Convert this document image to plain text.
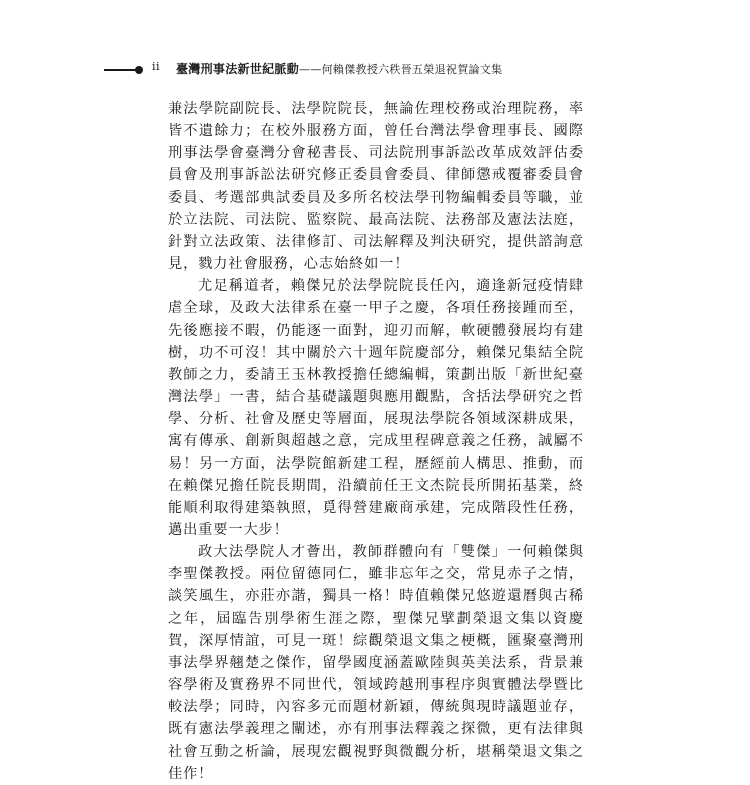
ii 臺灣刑事法新世紀脈動——何賴傑教授六秩晉五榮退祝賀論文集

兼法學院副院長、法學院院長，無論佐理校務或治理院務，率皆不遺餘力；在校外服務方面，曾任台灣法學會理事長、國際刑事法學會臺灣分會秘書長、司法院刑事訴訟改革成效評估委員會及刑事訴訟法研究修正委員會委員、律師懲戒覆審委員會委員、考選部典試委員及多所名校法學刊物編輯委員等職，並於立法院、司法院、監察院、最高法院、法務部及憲法法庭，針對立法政策、法律修訂、司法解釋及判決研究，提供諮詢意見，戮力社會服務，心志始終如一！

尤足稱道者，賴傑兄於法學院院長任內，適逢新冠疫情肆虐全球，及政大法律系在臺一甲子之慶，各項任務接踵而至，先後應接不暇，仍能逐一面對，迎刃而解，軟硬體發展均有建樹，功不可沒！其中關於六十週年院慶部分，賴傑兄集結全院教師之力，委請王玉林教授擔任總編輯，策劃出版「新世紀臺灣法學」一書，結合基礎議題與應用觀點，含括法學研究之哲學、分析、社會及歷史等層面，展現法學院各領域深耕成果，寓有傳承、創新與超越之意，完成里程碑意義之任務，誠屬不易！另一方面，法學院館新建工程，歷經前人構思、推動，而在賴傑兄擔任院長期間，沿續前任王文杰院長所開拓基業，終能順利取得建築執照，覓得營建廠商承建，完成階段性任務，邁出重要一大步！

政大法學院人才薈出，教師群體向有「雙傑」一何賴傑與李聖傑教授。兩位留德同仁，雖非忘年之交，常見赤子之情，談笑風生，亦莊亦諧，獨具一格！時值賴傑兄悠遊還曆與古稀之年，屆臨告別學術生涯之際，聖傑兄擘劃榮退文集以資慶賀，深厚情誼，可見一斑！綜觀榮退文集之梗概，匯聚臺灣刑事法學界翹楚之傑作，留學國度涵蓋歐陸與英美法系，背景兼容學術及實務界不同世代，領域跨越刑事程序與實體法學暨比較法學；同時，內容多元而題材新穎，傳統與現時議題並存，既有憲法學義理之闡述，亦有刑事法釋義之探微，更有法律與社會互動之析論，展現宏觀視野與微觀分析，堪稱榮退文集之佳作！
